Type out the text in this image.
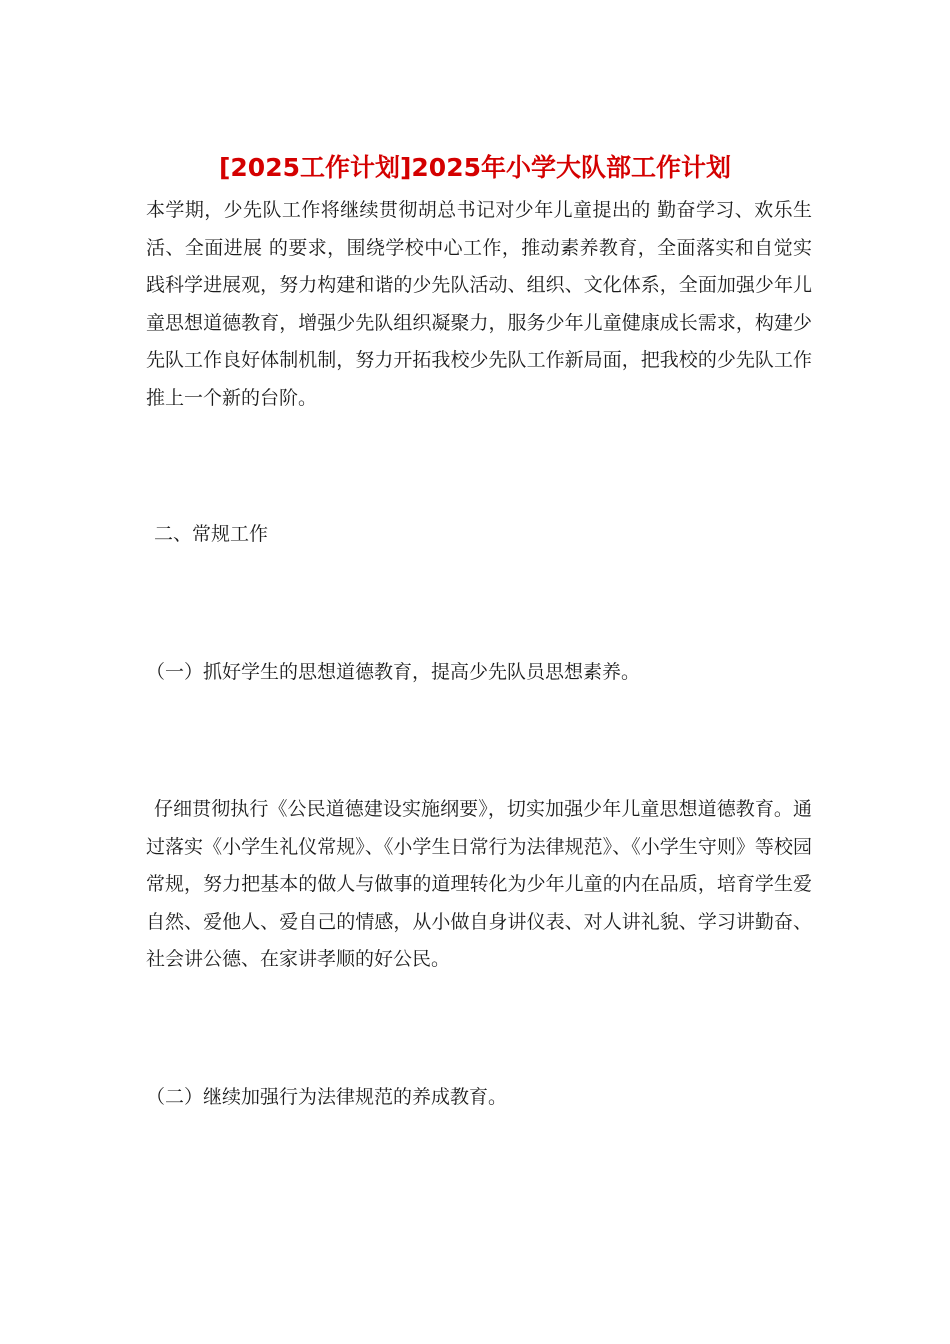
[2025工作计划]2025年小学大队部工作计划

本学期，少先队工作将继续贯彻胡总书记对少年儿童提出的 勤奋学习、欢乐生活、全面进展 的要求，围绕学校中心工作，推动素养教育，全面落实和自觉实践科学进展观，努力构建和谐的少先队活动、组织、文化体系，全面加强少年儿童思想道德教育，增强少先队组织凝聚力，服务少年儿童健康成长需求，构建少先队工作良好体制机制，努力开拓我校少先队工作新局面，把我校的少先队工作推上一个新的台阶。

二、常规工作

（一）抓好学生的思想道德教育，提高少先队员思想素养。

仔细贯彻执行《公民道德建设实施纲要》，切实加强少年儿童思想道德教育。通过落实《小学生礼仪常规》、《小学生日常行为法律规范》、《小学生守则》等校园常规，努力把基本的做人与做事的道理转化为少年儿童的内在品质，培育学生爱自然、爱他人、爱自己的情感，从小做自身讲仪表、对人讲礼貌、学习讲勤奋、社会讲公德、在家讲孝顺的好公民。

（二）继续加强行为法律规范的养成教育。
